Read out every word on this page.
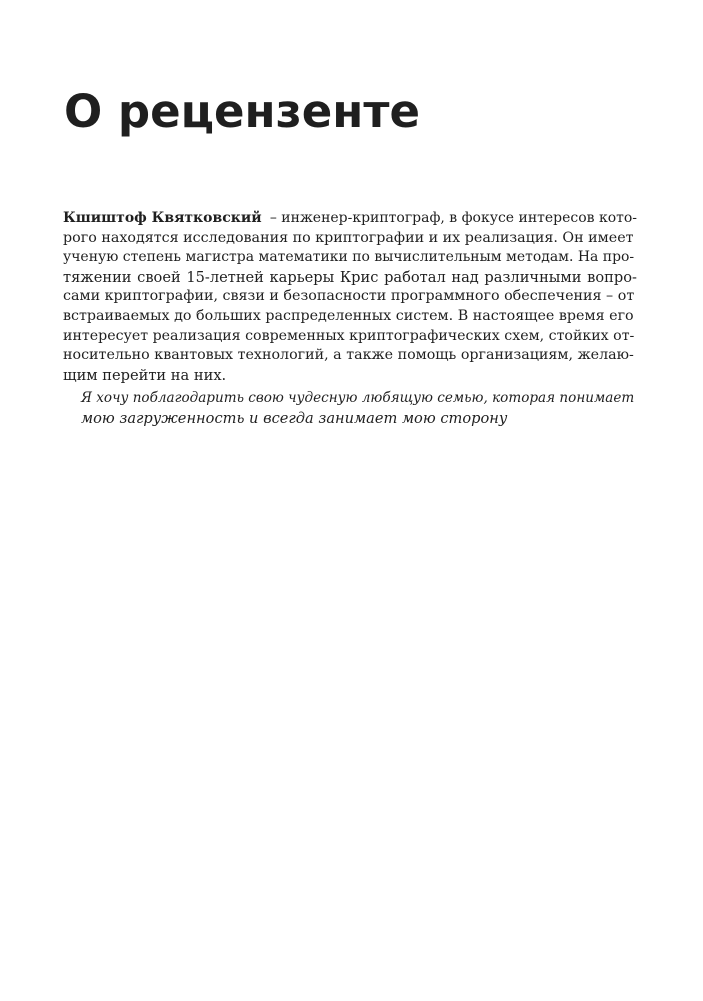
О рецензенте
Кшиштоф Квятковский – инженер-криптограф, в фокусе интересов кото-
рого находятся исследования по криптографии и их реализация. Он имеет
ученую степень магистра математики по вычислительным методам. На про-
тяжении своей 15-летней карьеры Крис работал над различными вопро-
сами криптографии, связи и безопасности программного обеспечения – от
встраиваемых до больших распределенных систем. В настоящее время его
интересует реализация современных криптографических схем, стойких от-
носительно квантовых технологий, а также помощь организациям, желаю-
щим перейти на них.
Я хочу поблагодарить свою чудесную любящую семью, которая понимает
мою загруженность и всегда занимает мою сторону
